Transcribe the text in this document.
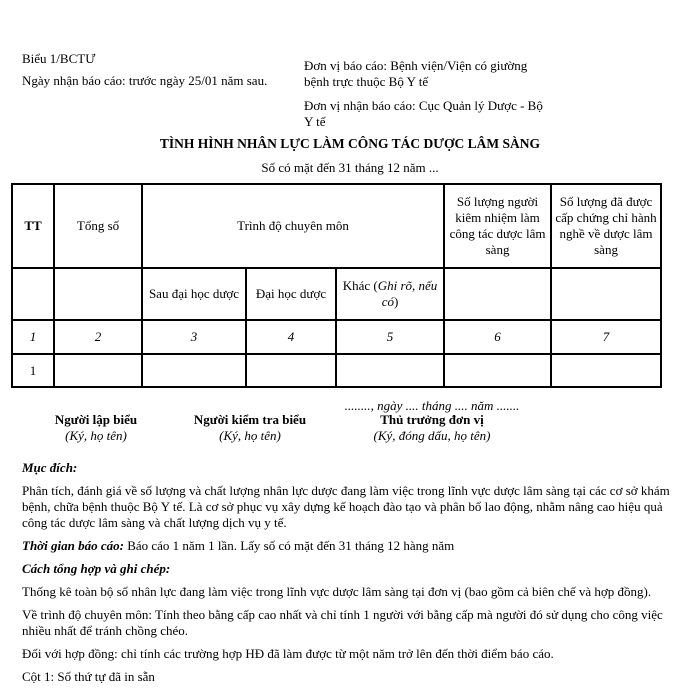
Biểu 1/BCTƯ
Ngày nhận báo cáo: trước ngày 25/01 năm sau.
Đơn vị báo cáo: Bệnh viện/Viện có giường bệnh trực thuộc Bộ Y tế
Đơn vị nhận báo cáo: Cục Quản lý Dược - Bộ Y tế
TÌNH HÌNH NHÂN LỰC LÀM CÔNG TÁC DƯỢC LÂM SÀNG
Số có mặt đến 31 tháng 12 năm ...
TT	Tổng số	Trình độ chuyên môn			Số lượng người kiêm nhiệm làm công tác dược lâm sàng	Số lượng đã được cấp chứng chỉ hành nghề về dược lâm sàng
		Sau đại học dược	Đại học dược	Khác (Ghi rõ, nếu có)		
1	2	3	4	5	6	7
1						
........, ngày .... tháng .... năm .......
Người lập biểu
(Ký, họ tên)
Người kiểm tra biểu
(Ký, họ tên)
Thủ trưởng đơn vị
(Ký, đóng dấu, họ tên)

Mục đích:

Phân tích, đánh giá về số lượng và chất lượng nhân lực dược đang làm việc trong lĩnh vực dược lâm sàng tại các cơ sở khám bệnh, chữa bệnh thuộc Bộ Y tế. Là cơ sở phục vụ xây dựng kế hoạch đào tạo và phân bổ lao động, nhằm nâng cao hiệu quả công tác dược lâm sàng và chất lượng dịch vụ y tế.

Thời gian báo cáo: Báo cáo 1 năm 1 lần. Lấy số có mặt đến 31 tháng 12 hàng năm

Cách tổng hợp và ghi chép:

Thống kê toàn bộ số nhân lực đang làm việc trong lĩnh vực dược lâm sàng tại đơn vị (bao gồm cả biên chế và hợp đồng).

Về trình độ chuyên môn: Tính theo bằng cấp cao nhất và chỉ tính 1 người với bằng cấp mà người đó sử dụng cho công việc nhiều nhất để tránh chồng chéo.

Đối với hợp đồng: chỉ tính các trường hợp HĐ đã làm được từ một năm trở lên đến thời điểm báo cáo.

Cột 1: Số thứ tự đã in sẵn
